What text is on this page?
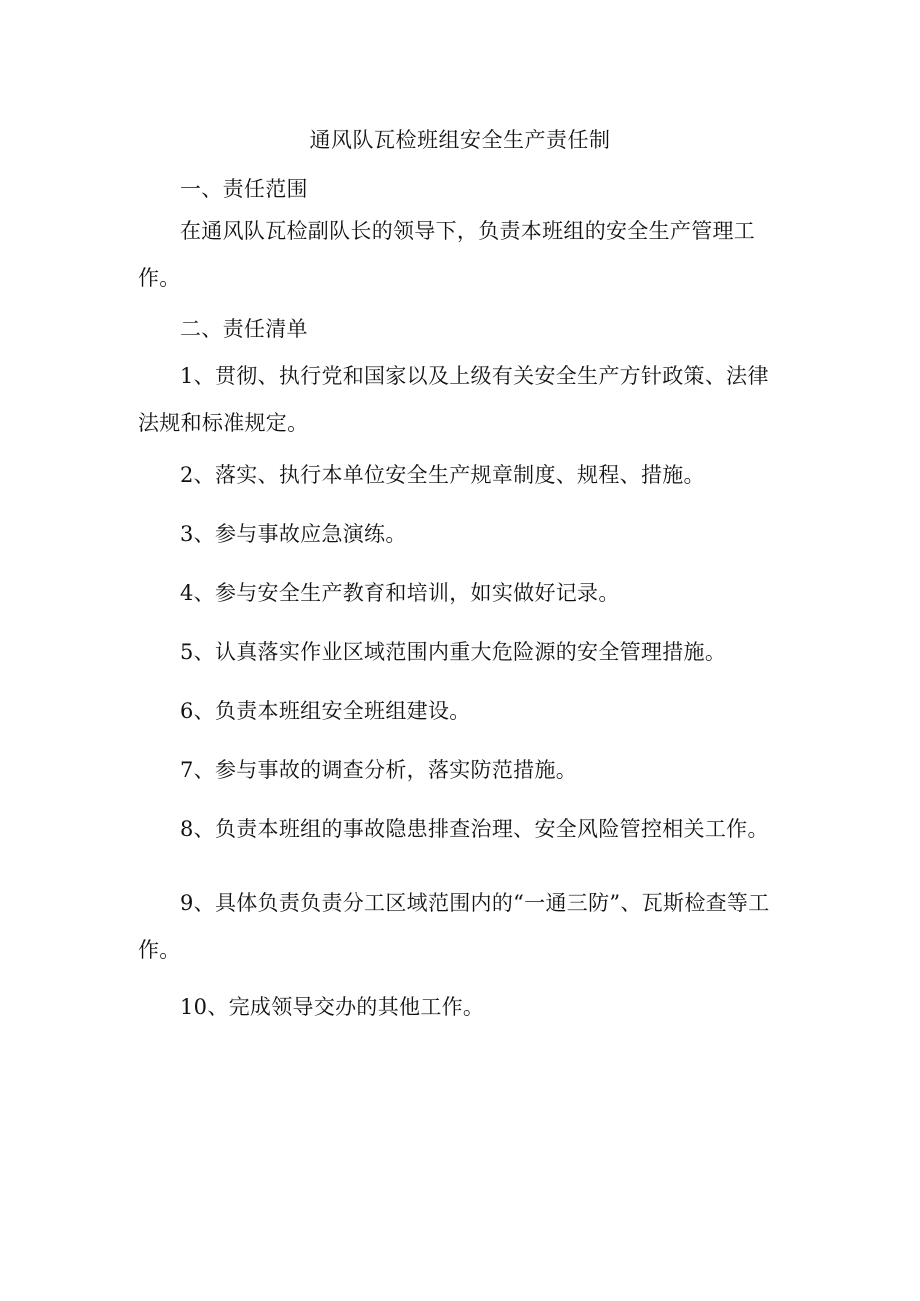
通风队瓦检班组安全生产责任制

一、责任范围

在通风队瓦检副队长的领导下，负责本班组的安全生产管理工作。

二、责任清单

1、贯彻、执行党和国家以及上级有关安全生产方针政策、法律法规和标准规定。

2、落实、执行本单位安全生产规章制度、规程、措施。

3、参与事故应急演练。

4、参与安全生产教育和培训，如实做好记录。

5、认真落实作业区域范围内重大危险源的安全管理措施。

6、负责本班组安全班组建设。

7、参与事故的调查分析，落实防范措施。

8、负责本班组的事故隐患排查治理、安全风险管控相关工作。

9、具体负责负责分工区域范围内的“一通三防”、瓦斯检查等工作。

10、完成领导交办的其他工作。
